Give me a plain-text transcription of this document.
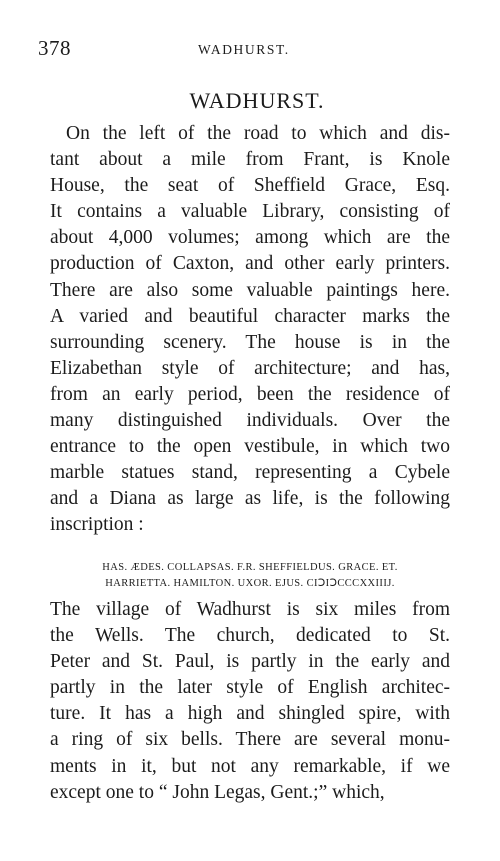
378	WADHURST.
WADHURST.
On the left of the road to which and dis-
tant about a mile from Frant, is Knole
House, the seat of Sheffield Grace, Esq.
It contains a valuable Library, consisting of
about 4,000 volumes; among which are the
production of Caxton, and other early printers.
There are also some valuable paintings here.
A varied and beautiful character marks the
surrounding scenery. The house is in the
Elizabethan style of architecture; and has,
from an early period, been the residence of
many distinguished individuals. Over the
entrance to the open vestibule, in which two
marble statues stand, representing a Cybele
and a Diana as large as life, is the following
inscription :
HAS. ÆDES. COLLAPSAS. F.R. SHEFFIELDUS. GRACE. ET.
HARRIETTA. HAMILTON. UXOR. EJUS. CIↃIↃCCCXXIIIJ.
The village of Wadhurst is six miles from
the Wells. The church, dedicated to St.
Peter and St. Paul, is partly in the early and
partly in the later style of English architec-
ture. It has a high and shingled spire, with
a ring of six bells. There are several monu-
ments in it, but not any remarkable, if we
except one to “ John Legas, Gent.;” which,
